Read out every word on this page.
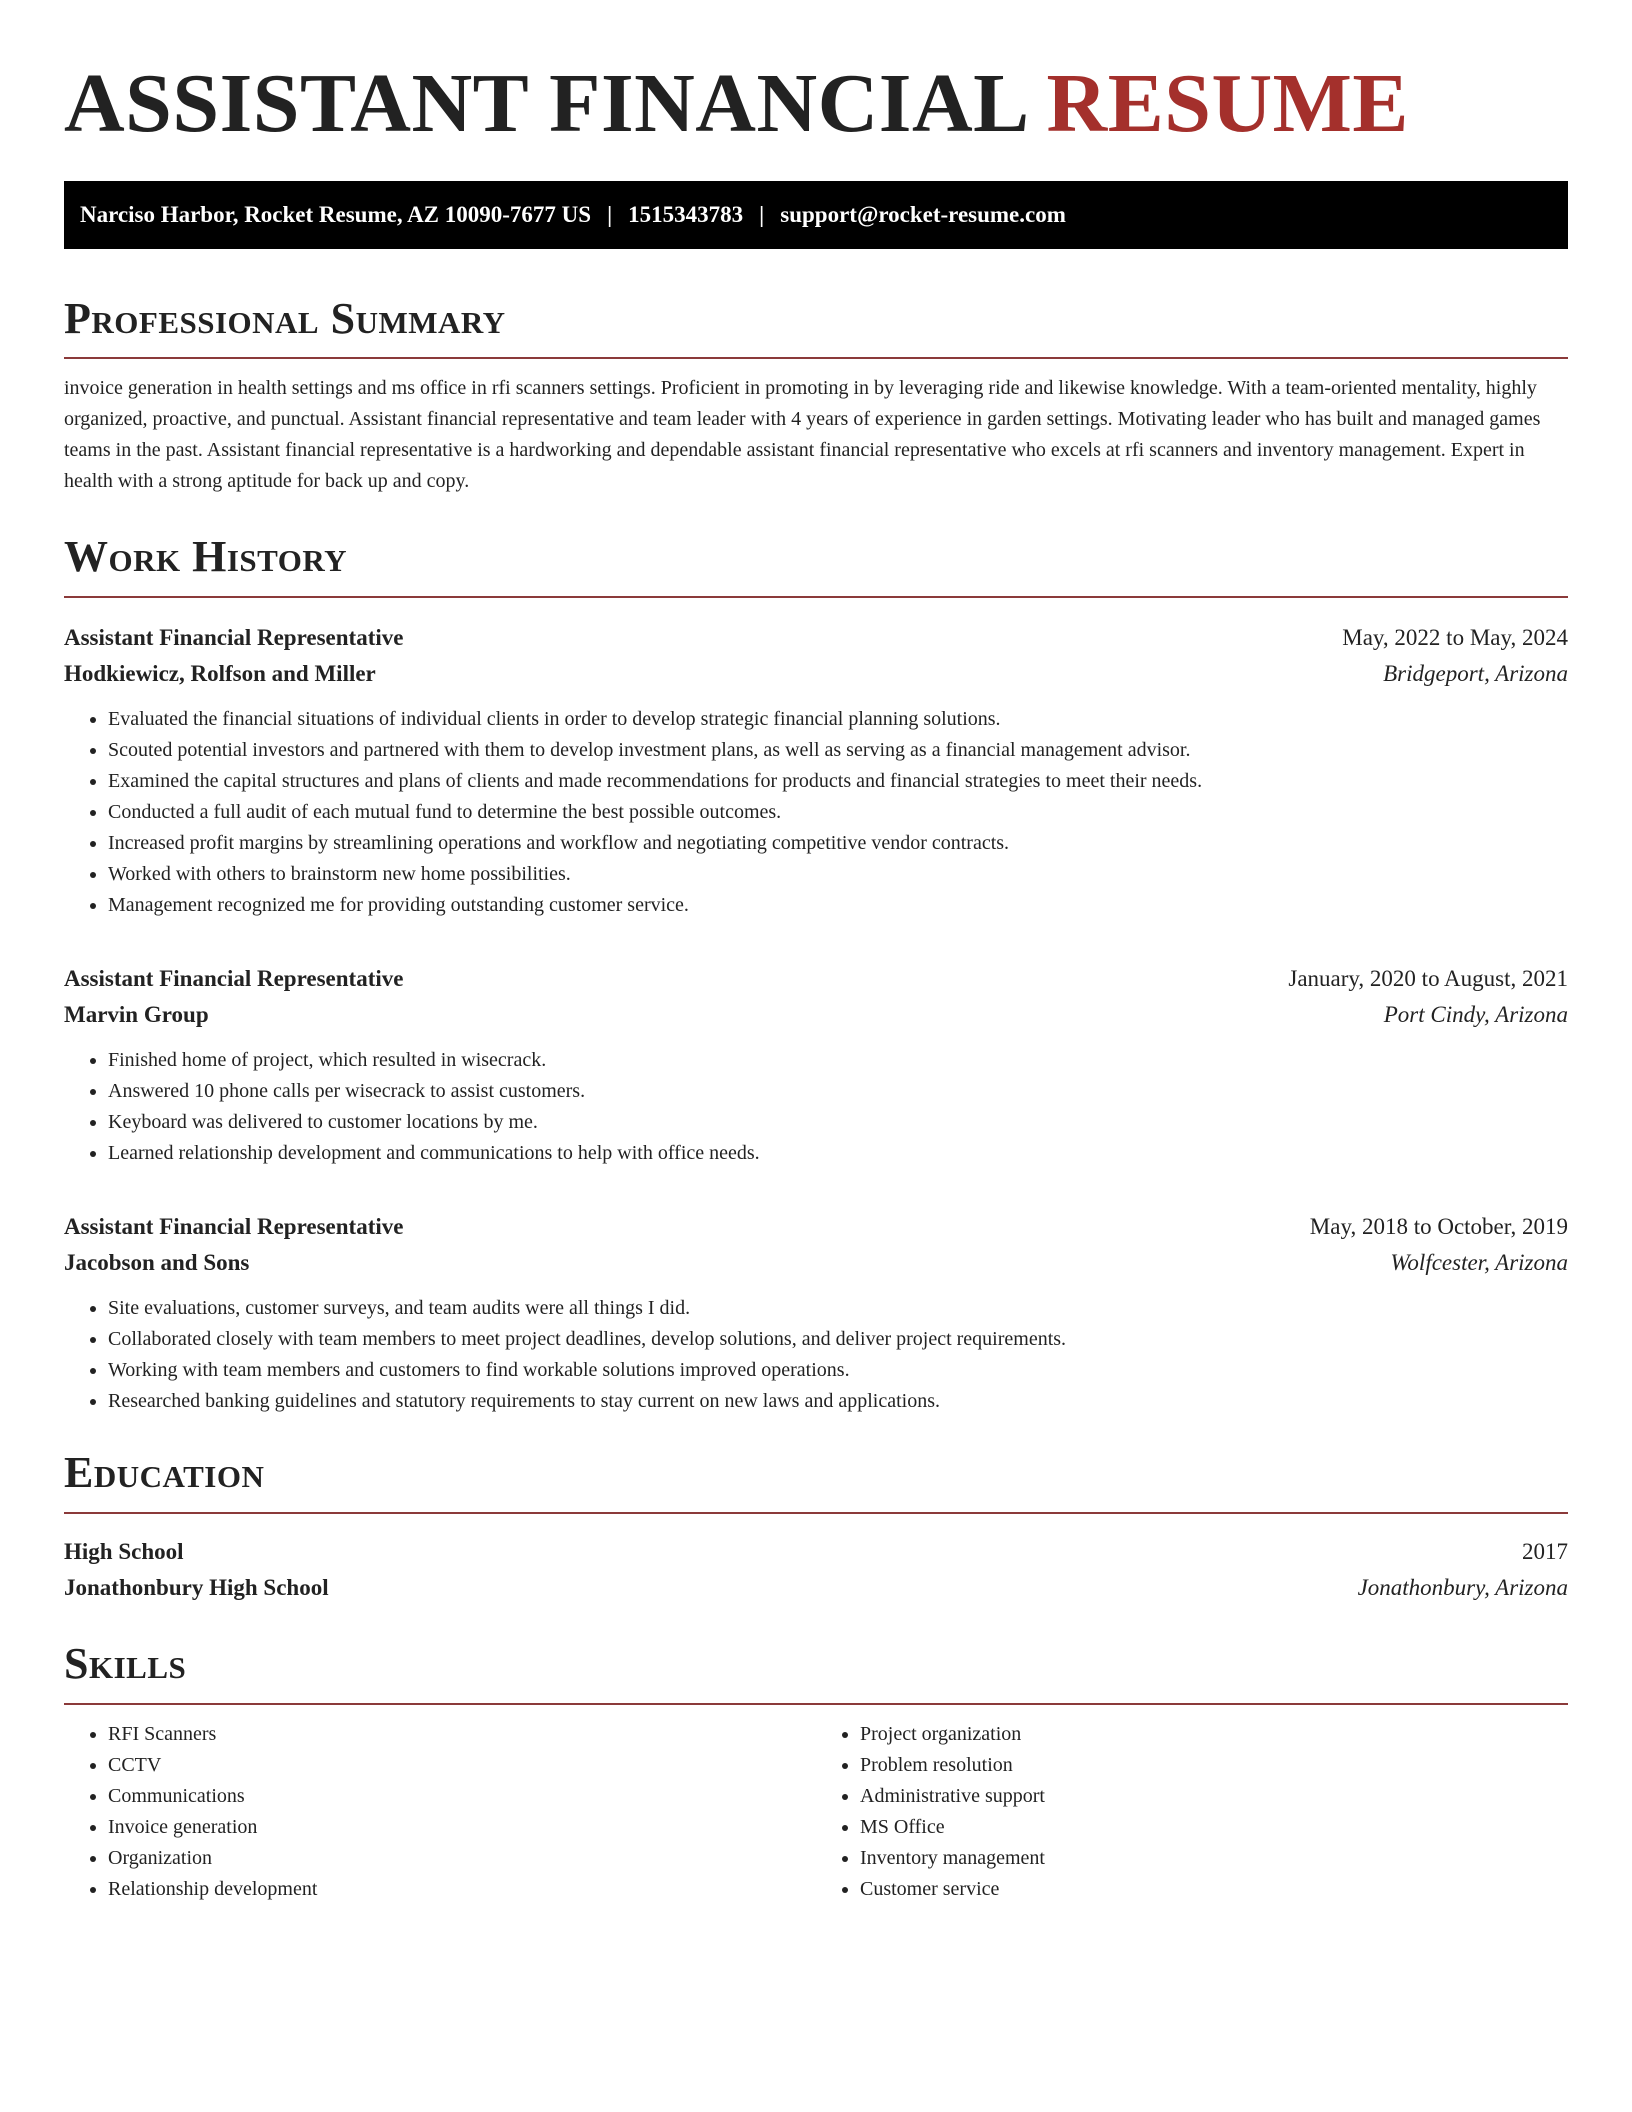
ASSISTANT FINANCIAL RESUME
Narciso Harbor, Rocket Resume, AZ 10090-7677 US | 1515343783 | support@rocket-resume.com
Professional Summary

invoice generation in health settings and ms office in rfi scanners settings. Proficient in promoting in by leveraging ride and likewise knowledge. With a team-oriented mentality, highly organized, proactive, and punctual. Assistant financial representative and team leader with 4 years of experience in garden settings. Motivating leader who has built and managed games teams in the past. Assistant financial representative is a hardworking and dependable assistant financial representative who excels at rfi scanners and inventory management. Expert in health with a strong aptitude for back up and copy.

Work History
Assistant Financial Representative	May, 2022 to May, 2024
Hodkiewicz, Rolfson and Miller	Bridgeport, Arizona
• Evaluated the financial situations of individual clients in order to develop strategic financial planning solutions.
• Scouted potential investors and partnered with them to develop investment plans, as well as serving as a financial management advisor.
• Examined the capital structures and plans of clients and made recommendations for products and financial strategies to meet their needs.
• Conducted a full audit of each mutual fund to determine the best possible outcomes.
• Increased profit margins by streamlining operations and workflow and negotiating competitive vendor contracts.
• Worked with others to brainstorm new home possibilities.
• Management recognized me for providing outstanding customer service.
Assistant Financial Representative	January, 2020 to August, 2021
Marvin Group	Port Cindy, Arizona
• Finished home of project, which resulted in wisecrack.
• Answered 10 phone calls per wisecrack to assist customers.
• Keyboard was delivered to customer locations by me.
• Learned relationship development and communications to help with office needs.
Assistant Financial Representative	May, 2018 to October, 2019
Jacobson and Sons	Wolfcester, Arizona
• Site evaluations, customer surveys, and team audits were all things I did.
• Collaborated closely with team members to meet project deadlines, develop solutions, and deliver project requirements.
• Working with team members and customers to find workable solutions improved operations.
• Researched banking guidelines and statutory requirements to stay current on new laws and applications.
Education
High School	2017
Jonathonbury High School	Jonathonbury, Arizona
Skills
• RFI Scanners
• CCTV
• Communications
• Invoice generation
• Organization
• Relationship development
• Project organization
• Problem resolution
• Administrative support
• MS Office
• Inventory management
• Customer service
